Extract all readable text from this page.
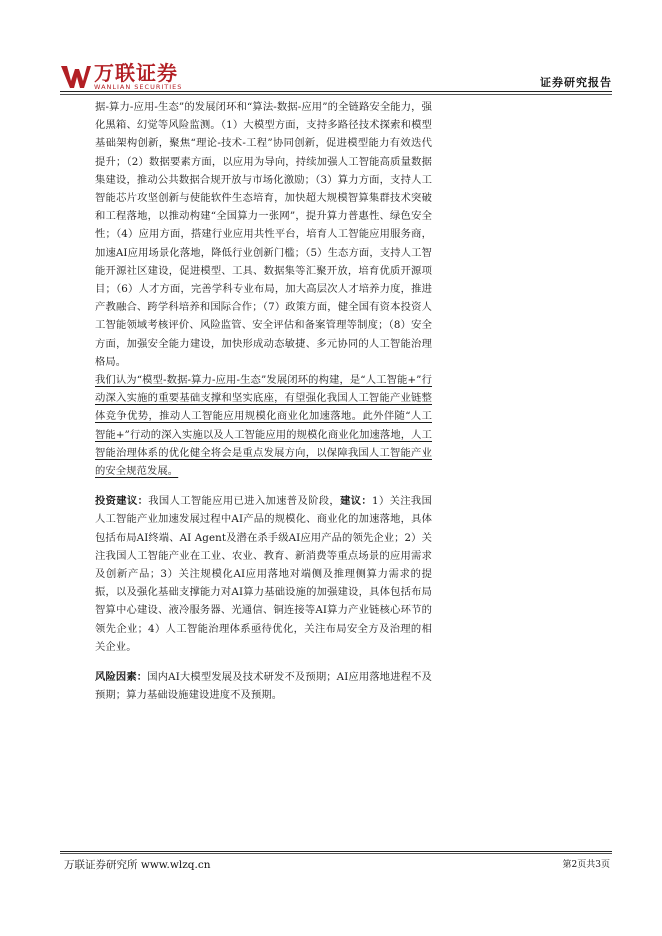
万联证券
WANLIAN SECURITIES	证券研究报告

据-算力-应用-生态”的发展闭环和“算法-数据-应用”的全链路安全能力，强化黑箱、幻觉等风险监测。（1）大模型方面，支持多路径技术探索和模型基础架构创新，聚焦“理论-技术-工程”协同创新，促进模型能力有效迭代提升；（2）数据要素方面，以应用为导向，持续加强人工智能高质量数据集建设，推动公共数据合规开放与市场化激励；（3）算力方面，支持人工智能芯片攻坚创新与使能软件生态培育，加快超大规模智算集群技术突破和工程落地，以推动构建“全国算力一张网”，提升算力普惠性、绿色安全性；（4）应用方面，搭建行业应用共性平台，培育人工智能应用服务商，加速AI应用场景化落地，降低行业创新门槛；（5）生态方面，支持人工智能开源社区建设，促进模型、工具、数据集等汇聚开放，培育优质开源项目；（6）人才方面，完善学科专业布局，加大高层次人才培养力度，推进产教融合、跨学科培养和国际合作；（7）政策方面，健全国有资本投资人工智能领域考核评价、风险监管、安全评估和备案管理等制度；（8）安全方面，加强安全能力建设，加快形成动态敏捷、多元协同的人工智能治理格局。

我们认为“模型-数据-算力-应用-生态”发展闭环的构建，是“人工智能+”行动深入实施的重要基础支撑和坚实底座，有望强化我国人工智能产业链整体竞争优势，推动人工智能应用规模化商业化加速落地。此外伴随“人工智能+”行动的深入实施以及人工智能应用的规模化商业化加速落地，人工智能治理体系的优化健全将会是重点发展方向，以保障我国人工智能产业的安全规范发展。

投资建议：我国人工智能应用已进入加速普及阶段，建议：1）关注我国人工智能产业加速发展过程中AI产品的规模化、商业化的加速落地，具体包括布局AI终端、AI Agent及潜在杀手级AI应用产品的领先企业；2）关注我国人工智能产业在工业、农业、教育、新消费等重点场景的应用需求及创新产品；3）关注规模化AI应用落地对端侧及推理侧算力需求的提振，以及强化基础支撑能力对AI算力基础设施的加强建设，具体包括布局智算中心建设、液冷服务器、光通信、铜连接等AI算力产业链核心环节的领先企业；4）人工智能治理体系亟待优化，关注布局安全方及治理的相关企业。

风险因素：国内AI大模型发展及技术研发不及预期；AI应用落地进程不及预期；算力基础设施建设进度不及预期。

万联证券研究所 www.wlzq.cn	第2页共3页
